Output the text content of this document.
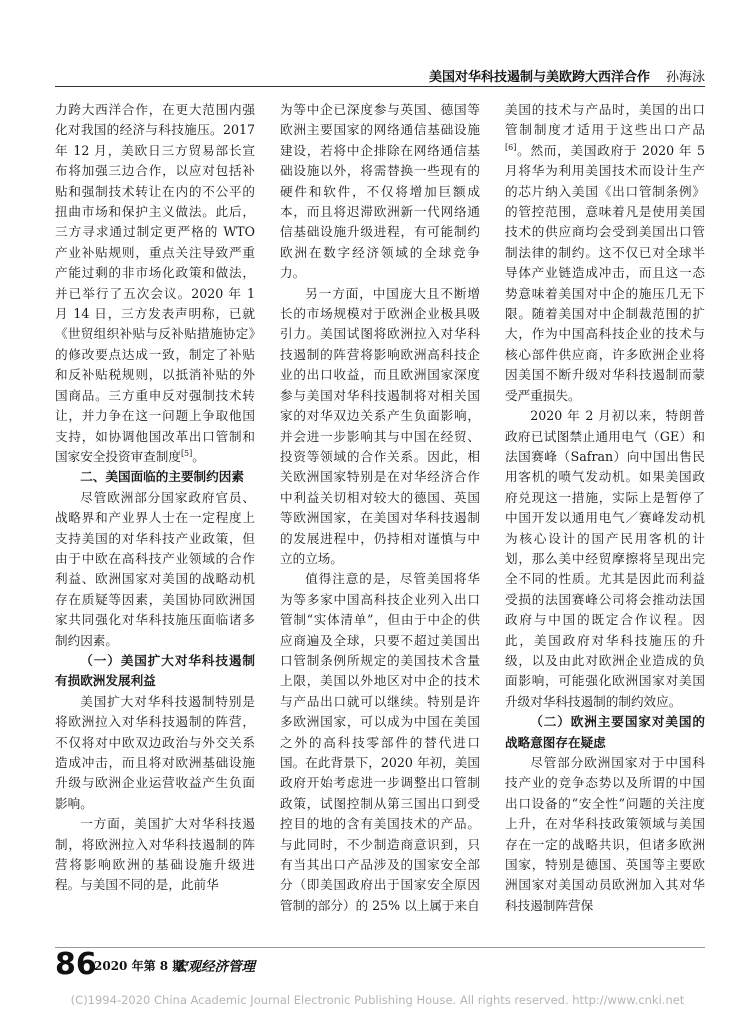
美国对华科技遏制与美欧跨大西洋合作 孙海泳

力跨大西洋合作，在更大范围内强化对我国的经济与科技施压。2017 年 12 月，美欧日三方贸易部长宣布将加强三边合作，以应对包括补贴和强制技术转让在内的不公平的扭曲市场和保护主义做法。此后，三方寻求通过制定更严格的 WTO 产业补贴规则，重点关注导致严重产能过剩的非市场化政策和做法，并已举行了五次会议。2020 年 1 月 14 日，三方发表声明称，已就《世贸组织补贴与反补贴措施协定》的修改要点达成一致，制定了补贴和反补贴税规则，以抵消补贴的外国商品。三方重申反对强制技术转让，并力争在这一问题上争取他国支持，如协调他国改革出口管制和国家安全投资审查制度[5]。

二、美国面临的主要制约因素

尽管欧洲部分国家政府官员、战略界和产业界人士在一定程度上支持美国的对华科技产业政策，但由于中欧在高科技产业领域的合作利益、欧洲国家对美国的战略动机存在质疑等因素，美国协同欧洲国家共同强化对华科技施压面临诸多制约因素。

（一）美国扩大对华科技遏制有损欧洲发展利益

美国扩大对华科技遏制特别是将欧洲拉入对华科技遏制的阵营，不仅将对中欧双边政治与外交关系造成冲击，而且将对欧洲基础设施升级与欧洲企业运营收益产生负面影响。

一方面，美国扩大对华科技遏制，将欧洲拉入对华科技遏制的阵营将影响欧洲的基础设施升级进程。与美国不同的是，此前华

为等中企已深度参与英国、德国等欧洲主要国家的网络通信基础设施建设，若将中企排除在网络通信基础设施以外，将需替换一些现有的硬件和软件，不仅将增加巨额成本，而且将迟滞欧洲新一代网络通信基础设施升级进程，有可能制约欧洲在数字经济领域的全球竞争力。

另一方面，中国庞大且不断增长的市场规模对于欧洲企业极具吸引力。美国试图将欧洲拉入对华科技遏制的阵营将影响欧洲高科技企业的出口收益，而且欧洲国家深度参与美国对华科技遏制将对相关国家的对华双边关系产生负面影响，并会进一步影响其与中国在经贸、投资等领域的合作关系。因此，相关欧洲国家特别是在对华经济合作中利益关切相对较大的德国、英国等欧洲国家，在美国对华科技遏制的发展进程中，仍持相对谨慎与中立的立场。

值得注意的是，尽管美国将华为等多家中国高科技企业列入出口管制“实体清单”，但由于中企的供应商遍及全球，只要不超过美国出口管制条例所规定的美国技术含量上限，美国以外地区对中企的技术与产品出口就可以继续。特别是许多欧洲国家，可以成为中国在美国之外的高科技零部件的替代进口国。在此背景下，2020 年初，美国政府开始考虑进一步调整出口管制政策，试图控制从第三国出口到受控目的地的含有美国技术的产品。与此同时，不少制造商意识到，只有当其出口产品涉及的国家安全部分（即美国政府出于国家安全原因管制的部分）的 25% 以上属于来自

美国的技术与产品时，美国的出口管制制度才适用于这些出口产品[6]。然而，美国政府于 2020 年 5 月将华为利用美国技术而设计生产的芯片纳入美国《出口管制条例》的管控范围，意味着凡是使用美国技术的供应商均会受到美国出口管制法律的制约。这不仅已对全球半导体产业链造成冲击，而且这一态势意味着美国对中企的施压几无下限。随着美国对中企制裁范围的扩大，作为中国高科技企业的技术与核心部件供应商，许多欧洲企业将因美国不断升级对华科技遏制而蒙受严重损失。

2020 年 2 月初以来，特朗普政府已试图禁止通用电气（GE）和法国赛峰（Safran）向中国出售民用客机的喷气发动机。如果美国政府兑现这一措施，实际上是暂停了中国开发以通用电气／赛峰发动机为核心设计的国产民用客机的计划，那么美中经贸摩擦将呈现出完全不同的性质。尤其是因此而利益受损的法国赛峰公司将会推动法国政府与中国的既定合作议程。因此，美国政府对华科技施压的升级，以及由此对欧洲企业造成的负面影响，可能强化欧洲国家对美国升级对华科技遏制的制约效应。

（二）欧洲主要国家对美国的战略意图存在疑虑

尽管部分欧洲国家对于中国科技产业的竞争态势以及所谓的中国出口设备的“安全性”问题的关注度上升，在对华科技政策领域与美国存在一定的战略共识，但诸多欧洲国家，特别是德国、英国等主要欧洲国家对美国动员欧洲加入其对华科技遏制阵营保

86
2020 年第 8 期
宏观经济管理
(C)1994-2020 China Academic Journal Electronic Publishing House. All rights reserved. http://www.cnki.net
